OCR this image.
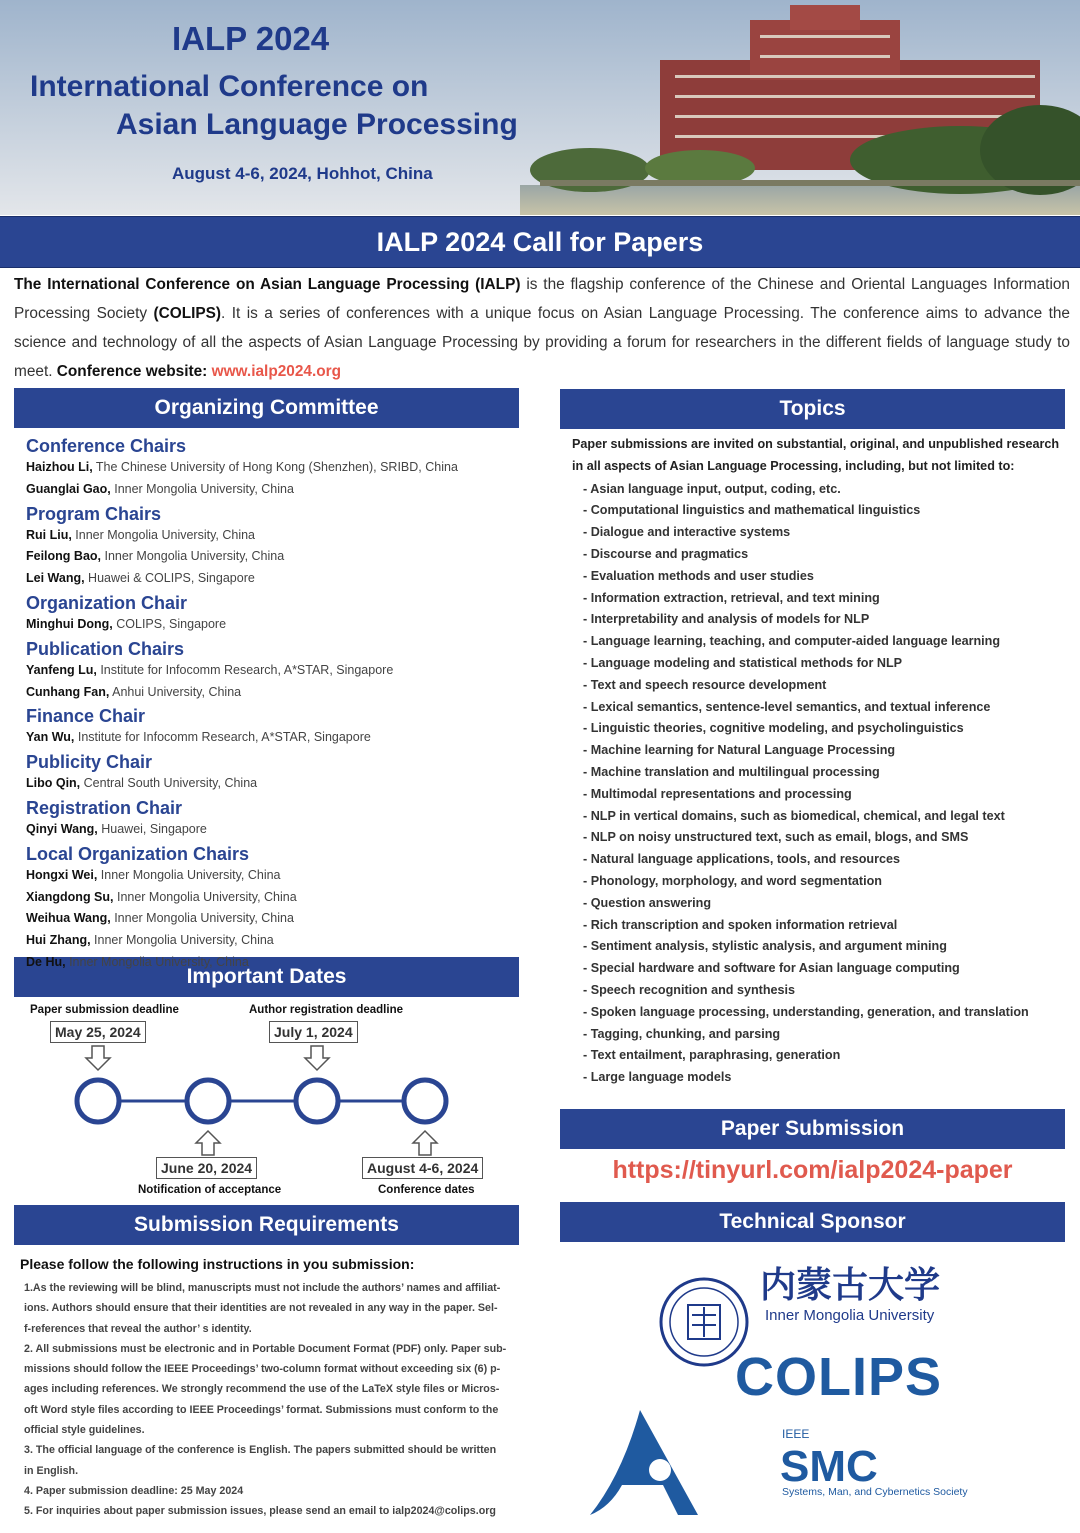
IALP 2024
International Conference on
Asian Language Processing
August 4-6, 2024, Hohhot, China
IALP 2024 Call for Papers
The International Conference on Asian Language Processing (IALP) is the flagship conference of the Chinese and Oriental Languages Information Processing Society (COLIPS). It is a series of conferences with a unique focus on Asian Language Processing. The conference aims to advance the science and technology of all the aspects of Asian Language Processing by providing a forum for researchers in the different fields of language study to meet. Conference website: www.ialp2024.org
Organizing Committee	Topics
Important Dates
Submission Requirements
Paper Submission
Technical Sponsor
Conference Chairs
Haizhou Li, The Chinese University of Hong Kong (Shenzhen), SRIBD, China
Guanglai Gao, Inner Mongolia University, China
Program Chairs
Rui Liu, Inner Mongolia University, China
Feilong Bao, Inner Mongolia University, China
Lei Wang, Huawei & COLIPS, Singapore
Organization Chair
Minghui Dong, COLIPS, Singapore
Publication Chairs
Yanfeng Lu, Institute for Infocomm Research, A*STAR, Singapore
Cunhang Fan, Anhui University, China
Finance Chair
Yan Wu, Institute for Infocomm Research, A*STAR, Singapore
Publicity Chair
Libo Qin, Central South University, China
Registration Chair
Qinyi Wang, Huawei, Singapore
Local Organization Chairs
Hongxi Wei, Inner Mongolia University, China
Xiangdong Su, Inner Mongolia University, China
Weihua Wang, Inner Mongolia University, China
Hui Zhang, Inner Mongolia University, China
De Hu, Inner Mongolia University, China
Paper submissions are invited on substantial, original, and unpublished research in all aspects of Asian Language Processing, including, but not limited to:
- Asian language input, output, coding, etc.
- Computational linguistics and mathematical linguistics
- Dialogue and interactive systems
- Discourse and pragmatics
- Evaluation methods and user studies
- Information extraction, retrieval, and text mining
- Interpretability and analysis of models for NLP
- Language learning, teaching, and computer-aided language learning
- Language modeling and statistical methods for NLP
- Text and speech resource development
- Lexical semantics, sentence-level semantics, and textual inference
- Linguistic theories, cognitive modeling, and psycholinguistics
- Machine learning for Natural Language Processing
- Machine translation and multilingual processing
- Multimodal representations and processing
- NLP in vertical domains, such as biomedical, chemical, and legal text
- NLP on noisy unstructured text, such as email, blogs, and SMS
- Natural language applications, tools, and resources
- Phonology, morphology, and word segmentation
- Question answering
- Rich transcription and spoken information retrieval
- Sentiment analysis, stylistic analysis, and argument mining
- Special hardware and software for Asian language computing
- Speech recognition and synthesis
- Spoken language processing, understanding, generation, and translation
- Tagging, chunking, and parsing
- Text entailment, paraphrasing, generation
- Large language models
https://tinyurl.com/ialp2024-paper
Paper submission deadline
May 25, 2024
Author registration deadline
July 1, 2024
June 20, 2024
Notification of acceptance
August 4-6, 2024
Conference dates
Please follow the following instructions in you submission:
1.As the reviewing will be blind, manuscripts must not include the authors’ names and affiliat-
ions. Authors should ensure that their identities are not revealed in any way in the paper. Sel-
f-references that reveal the author’ s identity.
2. All submissions must be electronic and in Portable Document Format (PDF) only. Paper sub-
missions should follow the IEEE Proceedings’ two-column format without exceeding six (6) p-
ages including references. We strongly recommend the use of the LaTeX style files or Micros-
oft Word style files according to IEEE Proceedings’ format. Submissions must conform to the
official style guidelines.
3. The official language of the conference is English. The papers submitted should be written
in English.
4. Paper submission deadline: 25 May 2024
5. For inquiries about paper submission issues, please send an email to ialp2024@colips.org
内蒙古大学
Inner Mongolia University
COLIPS
IEEE
SMC
Systems, Man, and Cybernetics Society
